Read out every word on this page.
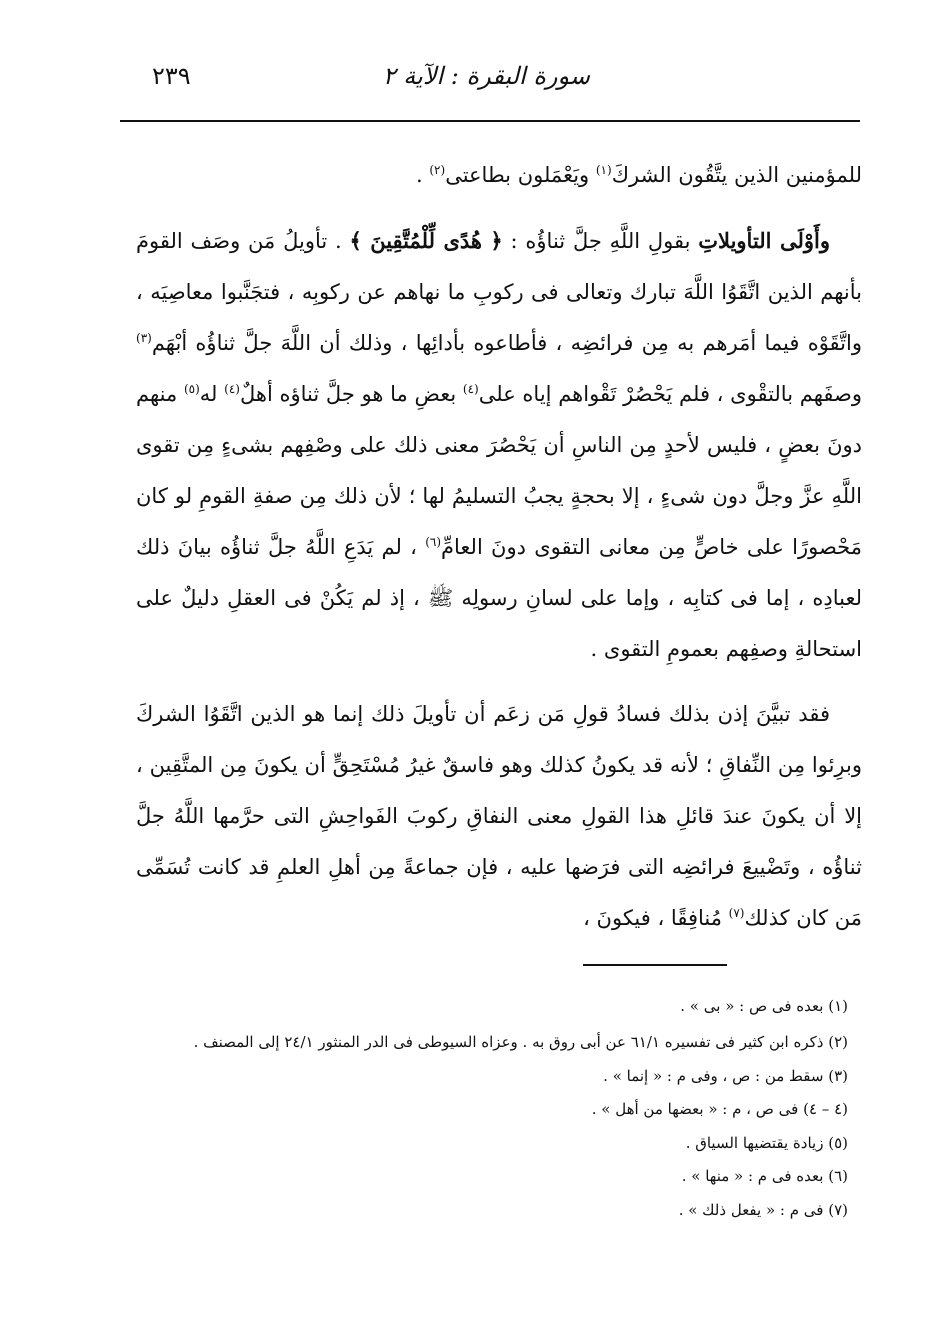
سورة البقرة : الآية ٢
٢٣٩

للمؤمنين الذين يتَّقُون الشركَ$^{(١)}$ ويَعْمَلون بطاعتى$^{(٢)}$ .

وأَوْلَى التأويلاتِ بقولِ اللَّهِ جلَّ ثناؤُه : ﴿ هُدًى لِّلْمُتَّقِينَ ﴾ . تأويلُ مَن وصَف القومَ بأنهم الذين اتَّقَوُا اللَّهَ تبارك وتعالى فى ركوبِ ما نهاهم عن ركوبِه ، فتجَنَّبوا معاصِيَه ، واتَّقَوْه فيما أمَرهم به مِن فرائضِه ، فأطاعوه بأدائِها ، وذلك أن اللَّهَ جلَّ ثناؤُه أبْهَم$^{(٣)}$ وصفَهم بالتقْوى ، فلم يَحْصُرْ تَقْواهم إياه على$^{(٤)}$ بعضِ ما هو جلَّ ثناؤه أهلٌ$^{(٤)}$ له$^{(٥)}$ منهم دونَ بعضٍ ، فليس لأحدٍ مِن الناسِ أن يَحْصُرَ معنى ذلك على وصْفِهم بشىءٍ مِن تقوى اللَّهِ عزَّ وجلَّ دون شىءٍ ، إلا بحجةٍ يجبُ التسليمُ لها ؛ لأن ذلك مِن صفةِ القومِ لو كان مَحْصورًا على خاصٍّ مِن معانى التقوى دونَ العامِّ$^{(٦)}$ ، لم يَدَعِ اللَّهُ جلَّ ثناؤُه بيانَ ذلك لعبادِه ، إما فى كتابِه ، وإما على لسانِ رسولِه ﷺ ، إذ لم يَكُنْ فى العقلِ دليلٌ على استحالةِ وصفِهم بعمومِ التقوى .

فقد تبيَّنَ إذن بذلك فسادُ قولِ مَن زعَم أن تأويلَ ذلك إنما هو الذين اتَّقَوُا الشركَ وبرِئوا مِن النِّفاقِ ؛ لأنه قد يكونُ كذلك وهو فاسقٌ غيرُ مُسْتَحِقٍّ أن يكونَ مِن المتَّقِين ، إلا أن يكونَ عندَ قائلِ هذا القولِ معنى النفاقِ ركوبَ الفَواحِشِ التى حرَّمها اللَّهُ جلَّ ثناؤُه ، وتَضْييعَ فرائضِه التى فرَضها عليه ، فإن جماعةً مِن أهلِ العلمِ قد كانت تُسَمِّى مَن كان كذلك$^{(٧)}$ مُنافِقًا ، فيكونَ ،

(١) بعده فى ص : « بى » .

(٢) ذكره ابن كثير فى تفسيره ٦١/١ عن أبى روق به . وعزاه السيوطى فى الدر المنثور ٢٤/١ إلى المصنف .

(٣) سقط من : ص ، وفى م : « إنما » .

(٤ – ٤) فى ص ، م : « بعضها من أهل » .

(٥) زيادة يقتضيها السياق .

(٦) بعده فى م : « منها » .

(٧) فى م : « يفعل ذلك » .
